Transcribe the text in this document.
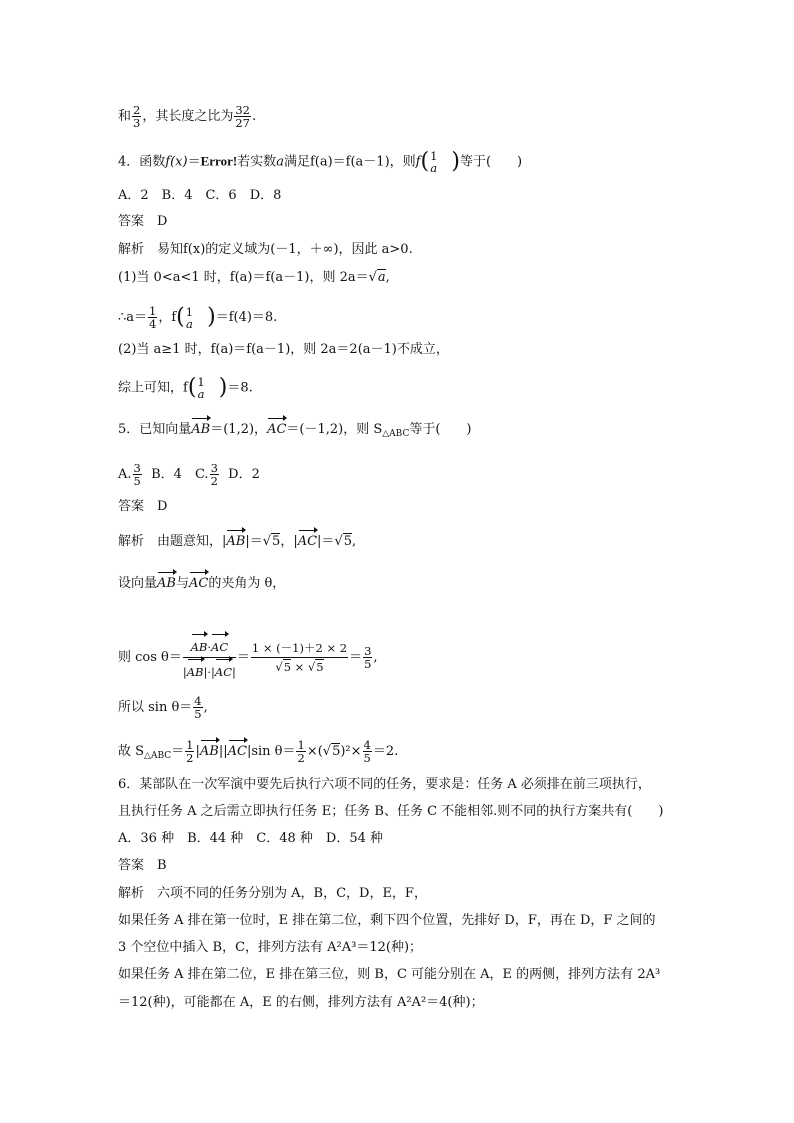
和 $\frac{2}{3}$ ，其长度之比为 $\frac{32}{27}$ .
4．函数f(x)＝Error!若实数a满足f(a)＝f(a－1)，则f( 1
a
  )等于(　　)
A．2　B．4　C．6　D．8
答案　D
解析　易知f(x)的定义域为(－1，＋∞)，因此 a>0.
(1)当 0<a<1 时，f(a)＝f(a－1)，则 2a＝ √ a,
∴a＝ $\frac{1}{4}$ ，f( 1
a
  )＝f(4)＝8.
(2)当 a≥1 时，f(a)＝f(a－1)，则 2a＝2(a－1)不成立，
综上可知，f( 1
a
  )＝8.
5．已知向量AB＝(1,2)，AC＝(－1,2)，则 $S_{\triangle ABC}$等于(　　)
A. $\frac{3}{5}$ B．4　C. $\frac{3}{2}$ D．2
答案　D
解析　由题意知，|AB|＝ √ 5，|AC|＝ √ 5,
设向量AB与AC的夹角为 θ，
则 $\cos \theta= \frac{AB\cdot AC}{|AB|\cdot|AC|} = 1 \times (-1)+2 \times 2$
√ 5 × √ $5 = \frac{3}{5}$ ,
所以 $\sin \theta= \frac{4}{5}$ ,
故 $S_{\triangle ABC}= \frac{1}{2} |AB||AC|\sin$ $\theta= \frac{1}{2}$ ×( √ $5)^2\times \frac{4}{5} =2$.
6．某部队在一次军演中要先后执行六项不同的任务，要求是：任务 A 必须排在前三项执行，
且执行任务 A 之后需立即执行任务 E；任务 B、任务 C 不能相邻.则不同的执行方案共有(　　)
A．36 种　B．44 种　C．48 种　D．54 种
答案　B
解析　六项不同的任务分别为 A，B，C，D，E，F，
如果任务 A 排在第一位时，E 排在第二位，剩下四个位置，先排好 D，F，再在 D，F 之间的
3 个空位中插入 B，C，排列方法有 A²A³＝12(种)；
如果任务 A 排在第二位，E 排在第三位，则 B，C 可能分别在 A，E 的两侧，排列方法有 2A³
＝12(种)，可能都在 A，E 的右侧，排列方法有 A²A²＝4(种)；
